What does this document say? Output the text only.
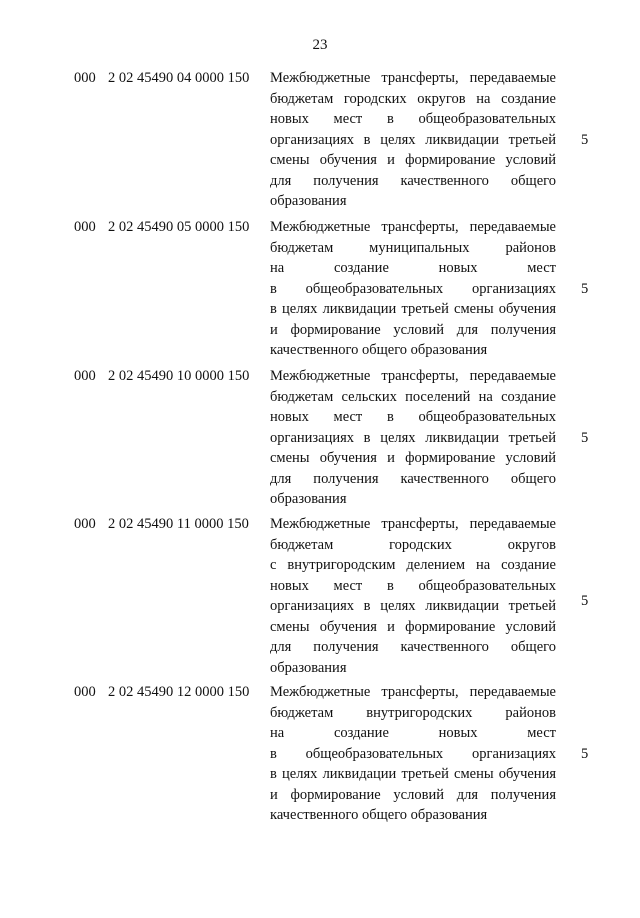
23
000 2 02 45490 04 0000 150 Межбюджетные трансферты, передаваемые
бюджетам городских округов на создание
новых мест в общеобразовательных
организациях в целях ликвидации третьей
смены обучения и формирование условий
для получения качественного общего
образования
5
000 2 02 45490 05 0000 150 Межбюджетные трансферты, передаваемые
бюджетам муниципальных районов
на создание новых мест
в общеобразовательных организациях
в целях ликвидации третьей смены обучения
и формирование условий для получения
качественного общего образования
5
000 2 02 45490 10 0000 150 Межбюджетные трансферты, передаваемые
бюджетам сельских поселений на создание
новых мест в общеобразовательных
организациях в целях ликвидации третьей
смены обучения и формирование условий
для получения качественного общего
образования
5
000 2 02 45490 11 0000 150 Межбюджетные трансферты, передаваемые
бюджетам городских округов
с внутригородским делением на создание
новых мест в общеобразовательных
организациях в целях ликвидации третьей
смены обучения и формирование условий
для получения качественного общего
образования
5
000 2 02 45490 12 0000 150 Межбюджетные трансферты, передаваемые
бюджетам внутригородских районов
на создание новых мест
в общеобразовательных организациях
в целях ликвидации третьей смены обучения
и формирование условий для получения
качественного общего образования
5
